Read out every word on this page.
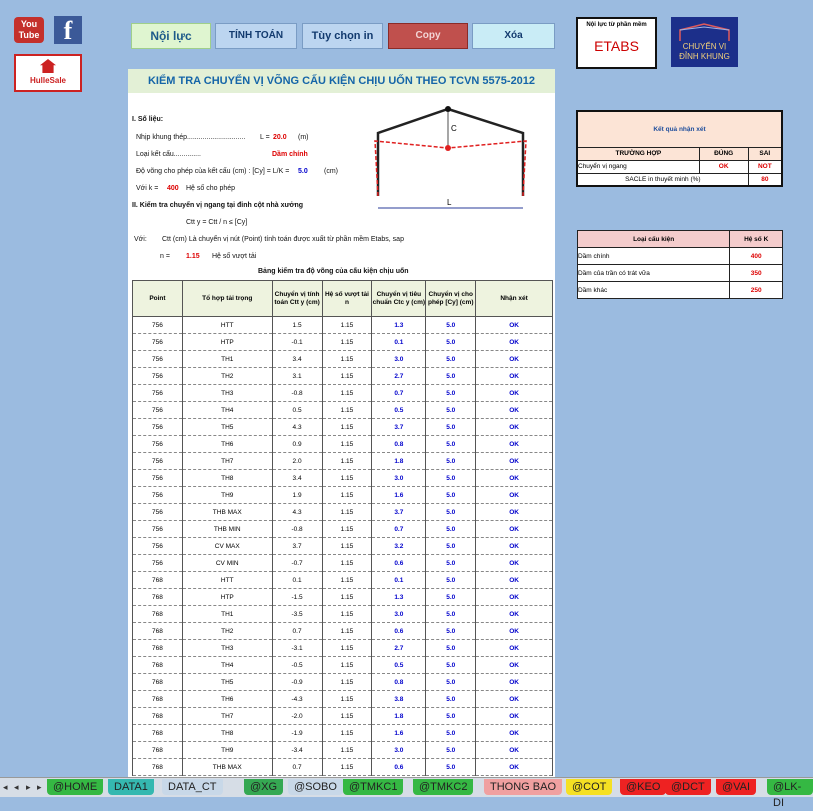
You Tube f
HulleSale
Nội lực	TÍNH TOÁN	Tùy chọn in	Copy	Xóa
Nội lực từ phần mềm
ETABS	CHUYỂN VỊ
ĐỈNH KHUNG
KIỂM TRA CHUYỂN VỊ VÕNG CẤU KIỆN CHỊU UỐN THEO TCVN 5575-2012
I. Số liệu:
Nhịp khung thép.............................. L = 20.0 (m)
Loại kết cấu..............	Dầm chính
Độ võng cho phép của kết cấu (cm) : [Cy] = L/K = 5.0 (cm)
Với k = 400 Hệ số cho phép
II. Kiểm tra chuyển vị ngang tại đỉnh cột nhà xưởng
Ctt y = Ctt / n ≤ [Cy]
Với: Ctt (cm) Là chuyển vị nút (Point) tính toán được xuất từ phần mềm Etabs, sap
n = 1.15 Hệ số vượt tải
Bảng kiểm tra độ võng của cấu kiện chịu uốn
C
L
Point	Tổ hợp tải trọng	Chuyển vị tính toán Ctt y (cm)	Hệ số vượt tải n	Chuyển vị tiêu chuẩn Ctc y (cm)	Chuyển vị cho phép [Cy] (cm)	Nhận xét
756	HTT	1.5	1.15	1.3	5.0	OK
756	HTP	-0.1	1.15	0.1	5.0	OK
756	TH1	3.4	1.15	3.0	5.0	OK
756	TH2	3.1	1.15	2.7	5.0	OK
756	TH3	-0.8	1.15	0.7	5.0	OK
756	TH4	0.5	1.15	0.5	5.0	OK
756	TH5	4.3	1.15	3.7	5.0	OK
756	TH6	0.9	1.15	0.8	5.0	OK
756	TH7	2.0	1.15	1.8	5.0	OK
756	TH8	3.4	1.15	3.0	5.0	OK
756	TH9	1.9	1.15	1.6	5.0	OK
756	THB MAX	4.3	1.15	3.7	5.0	OK
756	THB MIN	-0.8	1.15	0.7	5.0	OK
756	CV MAX	3.7	1.15	3.2	5.0	OK
756	CV MIN	-0.7	1.15	0.6	5.0	OK
768	HTT	0.1	1.15	0.1	5.0	OK
768	HTP	-1.5	1.15	1.3	5.0	OK
768	TH1	-3.5	1.15	3.0	5.0	OK
768	TH2	0.7	1.15	0.6	5.0	OK
768	TH3	-3.1	1.15	2.7	5.0	OK
768	TH4	-0.5	1.15	0.5	5.0	OK
768	TH5	-0.9	1.15	0.8	5.0	OK
768	TH6	-4.3	1.15	3.8	5.0	OK
768	TH7	-2.0	1.15	1.8	5.0	OK
768	TH8	-1.9	1.15	1.6	5.0	OK
768	TH9	-3.4	1.15	3.0	5.0	OK
768	THB MAX	0.7	1.15	0.6	5.0	OK
Kết quả nhận xét		
TRƯỜNG HỢP	ĐÚNG	SAI
Chuyển vị ngang	OK	NOT
SACLE in thuyết minh (%)		80
Loại cấu kiện	Hệ số K
Dầm chính	400
Dầm của trần có trát vữa	350
Dầm khác	250
◂ ◂ ▸ ▸	@HOME	DATA1	DATA_CT	@XG	@SOBO	@TMKC1	@TMKC2	THONG BAO	@COT	@KEO @DCT	@VAI	@LK-DI
